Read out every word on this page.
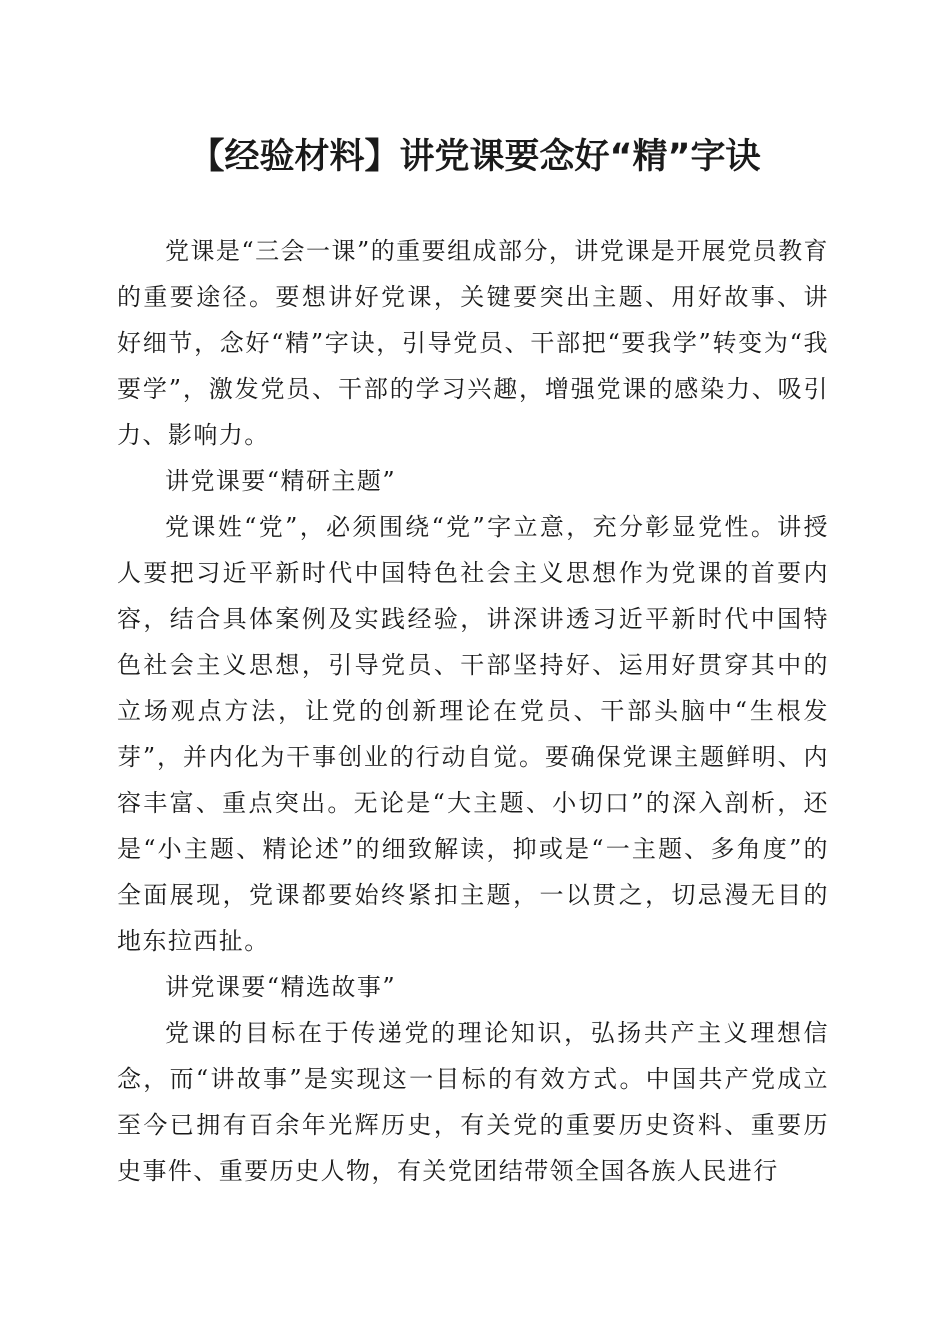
【经验材料】讲党课要念好“精”字诀

党课是“三会一课”的重要组成部分，讲党课是开展党员教育的重要途径。要想讲好党课，关键要突出主题、用好故事、讲好细节，念好“精”字诀，引导党员、干部把“要我学”转变为“我要学”，激发党员、干部的学习兴趣，增强党课的感染力、吸引力、影响力。

讲党课要“精研主题”

党课姓“党”，必须围绕“党”字立意，充分彰显党性。讲授人要把习近平新时代中国特色社会主义思想作为党课的首要内容，结合具体案例及实践经验，讲深讲透习近平新时代中国特色社会主义思想，引导党员、干部坚持好、运用好贯穿其中的立场观点方法，让党的创新理论在党员、干部头脑中“生根发芽”，并内化为干事创业的行动自觉。要确保党课主题鲜明、内容丰富、重点突出。无论是“大主题、小切口”的深入剖析，还是“小主题、精论述”的细致解读，抑或是“一主题、多角度”的全面展现，党课都要始终紧扣主题，一以贯之，切忌漫无目的地东拉西扯。

讲党课要“精选故事”

党课的目标在于传递党的理论知识，弘扬共产主义理想信念，而“讲故事”是实现这一目标的有效方式。中国共产党成立至今已拥有百余年光辉历史，有关党的重要历史资料、重要历史事件、重要历史人物，有关党团结带领全国各族人民进行
